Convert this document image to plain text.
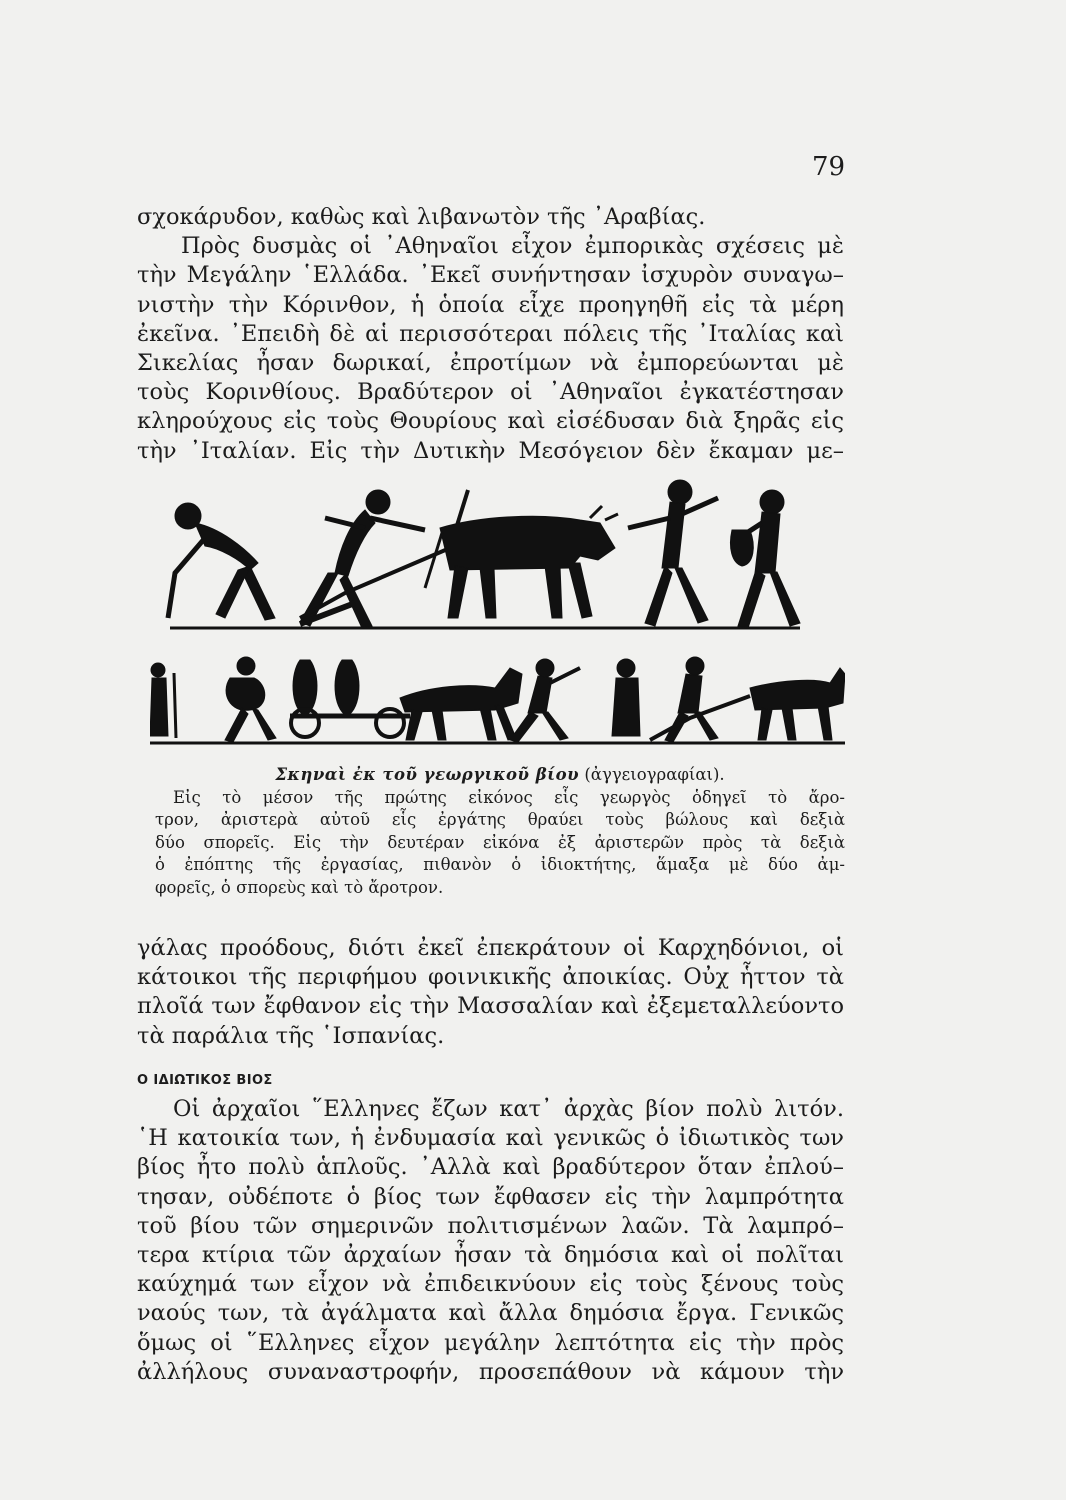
79
σχοκάρυδον, καθὼς καὶ λιβανωτὸν τῆς ᾿Αραβίας.
Πρὸς δυσμὰς οἱ ᾿Αθηναῖοι εἶχον ἐμπορικὰς σχέσεις μὲ
τὴν Μεγάλην ῾Ελλάδα. ᾿Εκεῖ συνήντησαν ἰσχυρὸν συναγω–
νιστὴν τὴν Κόρινθον, ἡ ὁποία εἶχε προηγηθῆ εἰς τὰ μέρη
ἐκεῖνα. ᾿Επειδὴ δὲ αἱ περισσότεραι πόλεις τῆς ᾿Ιταλίας καὶ
Σικελίας ἦσαν δωρικαί, ἐπροτίμων νὰ ἐμπορεύωνται μὲ
τοὺς Κορινθίους. Βραδύτερον οἱ ᾿Αθηναῖοι ἐγκατέστησαν
κληρούχους εἰς τοὺς Θουρίους καὶ εἰσέδυσαν διὰ ξηρᾶς εἰς
τὴν ᾿Ιταλίαν. Εἰς τὴν Δυτικὴν Μεσόγειον δὲν ἔκαμαν με–
Σκηναὶ ἐκ τοῦ γεωργικοῦ βίου (ἀγγειογραφίαι).
Εἰς τὸ μέσον τῆς πρώτης εἰκόνος εἷς γεωργὸς ὁδηγεῖ τὸ ἄρο-
τρον, ἀριστερὰ αὐτοῦ εἷς ἐργάτης θραύει τοὺς βώλους καὶ δεξιὰ
δύο σπορεῖς. Εἰς τὴν δευτέραν εἰκόνα ἐξ ἀριστερῶν πρὸς τὰ δεξιὰ
ὁ ἐπόπτης τῆς ἐργασίας, πιθανὸν ὁ ἰδιοκτήτης, ἅμαξα μὲ δύο ἀμ-
φορεῖς, ὁ σπορεὺς καὶ τὸ ἄροτρον.
γάλας προόδους, διότι ἐκεῖ ἐπεκράτουν οἱ Καρχηδόνιοι, οἱ
κάτοικοι τῆς περιφήμου φοινικικῆς ἀποικίας. Οὐχ ἧττον τὰ
πλοῖά των ἔφθανον εἰς τὴν Μασσαλίαν καὶ ἐξεμεταλλεύοντο
τὰ παράλια τῆς ῾Ισπανίας.
Ο ΙΔΙΩΤΙΚΟΣ ΒΙΟΣ
Οἱ ἀρχαῖοι ῞Ελληνες ἔζων κατ᾿ ἀρχὰς βίον πολὺ λιτόν.
῾Η κατοικία των, ἡ ἐνδυμασία καὶ γενικῶς ὁ ἰδιωτικὸς των
βίος ἦτο πολὺ ἁπλοῦς. ᾿Αλλὰ καὶ βραδύτερον ὅταν ἐπλού–
τησαν, οὐδέποτε ὁ βίος των ἔφθασεν εἰς τὴν λαμπρότητα
τοῦ βίου τῶν σημερινῶν πολιτισμένων λαῶν. Τὰ λαμπρό–
τερα κτίρια τῶν ἀρχαίων ἦσαν τὰ δημόσια καὶ οἱ πολῖται
καύχημά των εἶχον νὰ ἐπιδεικνύουν εἰς τοὺς ξένους τοὺς
ναούς των, τὰ ἀγάλματα καὶ ἄλλα δημόσια ἔργα. Γενικῶς
ὅμως οἱ ῞Ελληνες εἶχον μεγάλην λεπτότητα εἰς τὴν πρὸς
ἀλλήλους συναναστροφήν, προσεπάθουν νὰ κάμουν τὴν
